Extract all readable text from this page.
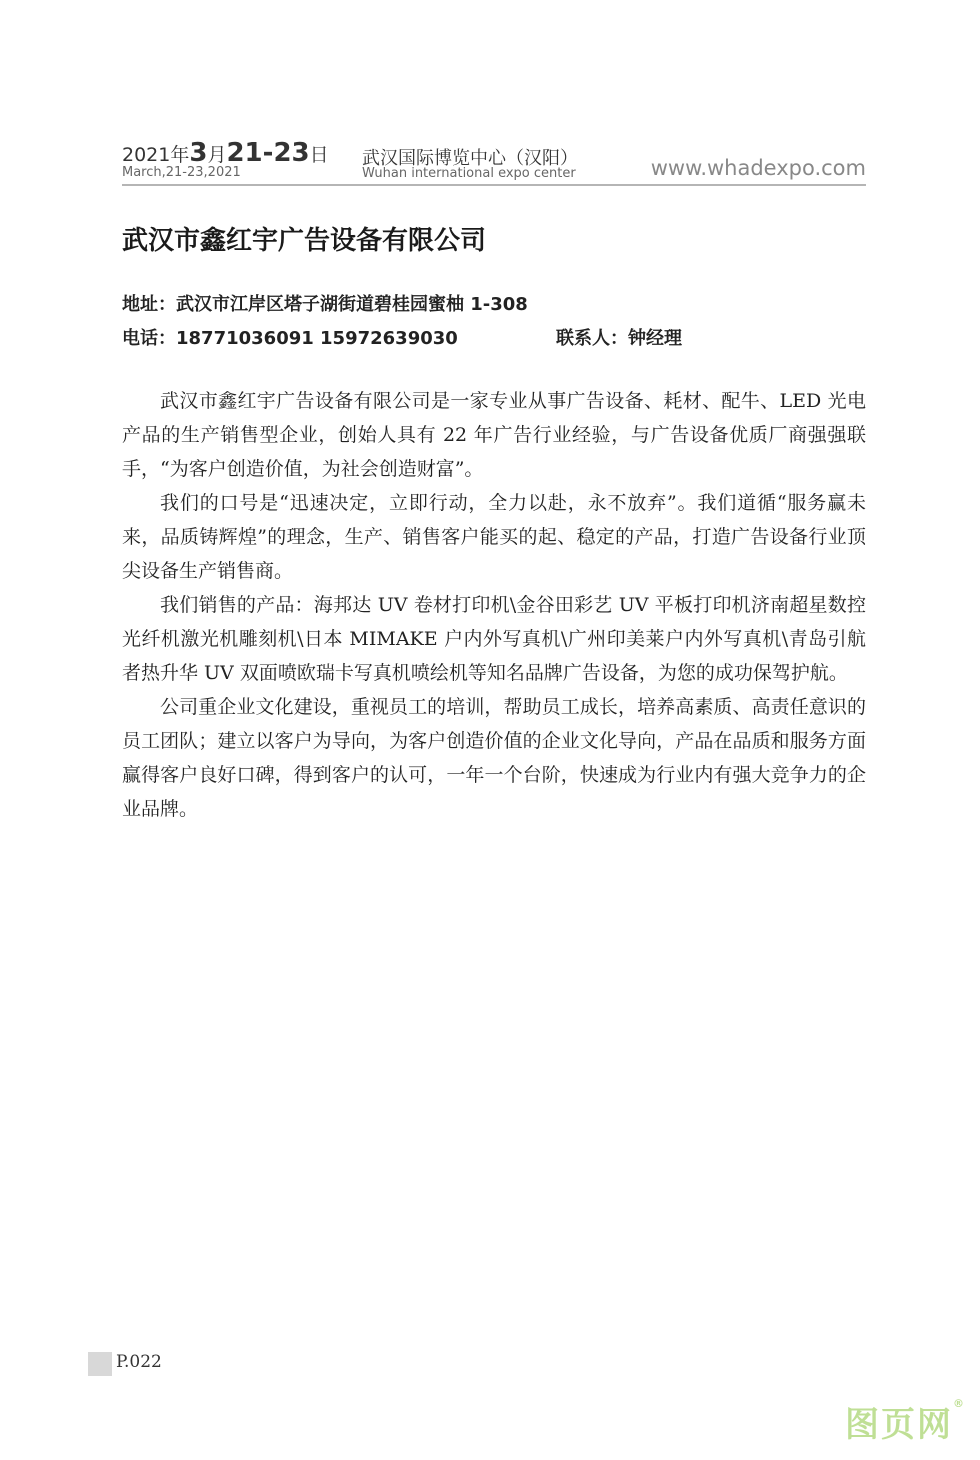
2021年3月21-23日
March,21-23,2021
武汉国际博览中心（汉阳）
Wuhan international expo center	www.whadexpo.com
武汉市鑫红宇广告设备有限公司
地址：武汉市江岸区塔子湖街道碧桂园蜜柚 1-308
电话：18771036091 15972639030	联系人：钟经理

武汉市鑫红宇广告设备有限公司是一家专业从事广告设备、耗材、配牛、LED 光电产品的生产销售型企业，创始人具有 22 年广告行业经验，与广告设备优质厂商强强联手，“为客户创造价值，为社会创造财富”。

我们的口号是“迅速决定，立即行动，全力以赴，永不放弃”。我们道循“服务赢未来，品质铸辉煌”的理念，生产、销售客户能买的起、稳定的产品，打造广告设备行业顶尖设备生产销售商。

我们销售的产品：海邦达 UV 卷材打印机\金谷田彩艺 UV 平板打印机济南超星数控光纤机激光机雕刻机\日本 MIMAKE 户内外写真机\广州印美莱户内外写真机\青岛引航者热升华 UV 双面喷欧瑞卡写真机喷绘机等知名品牌广告设备，为您的成功保驾护航。

公司重企业文化建设，重视员工的培训，帮助员工成长，培养高素质、高责任意识的员工团队；建立以客户为导向，为客户创造价值的企业文化导向，产品在品质和服务方面赢得客户良好口碑，得到客户的认可，一年一个台阶，快速成为行业内有强大竞争力的企业品牌。

P.022
图页网®
